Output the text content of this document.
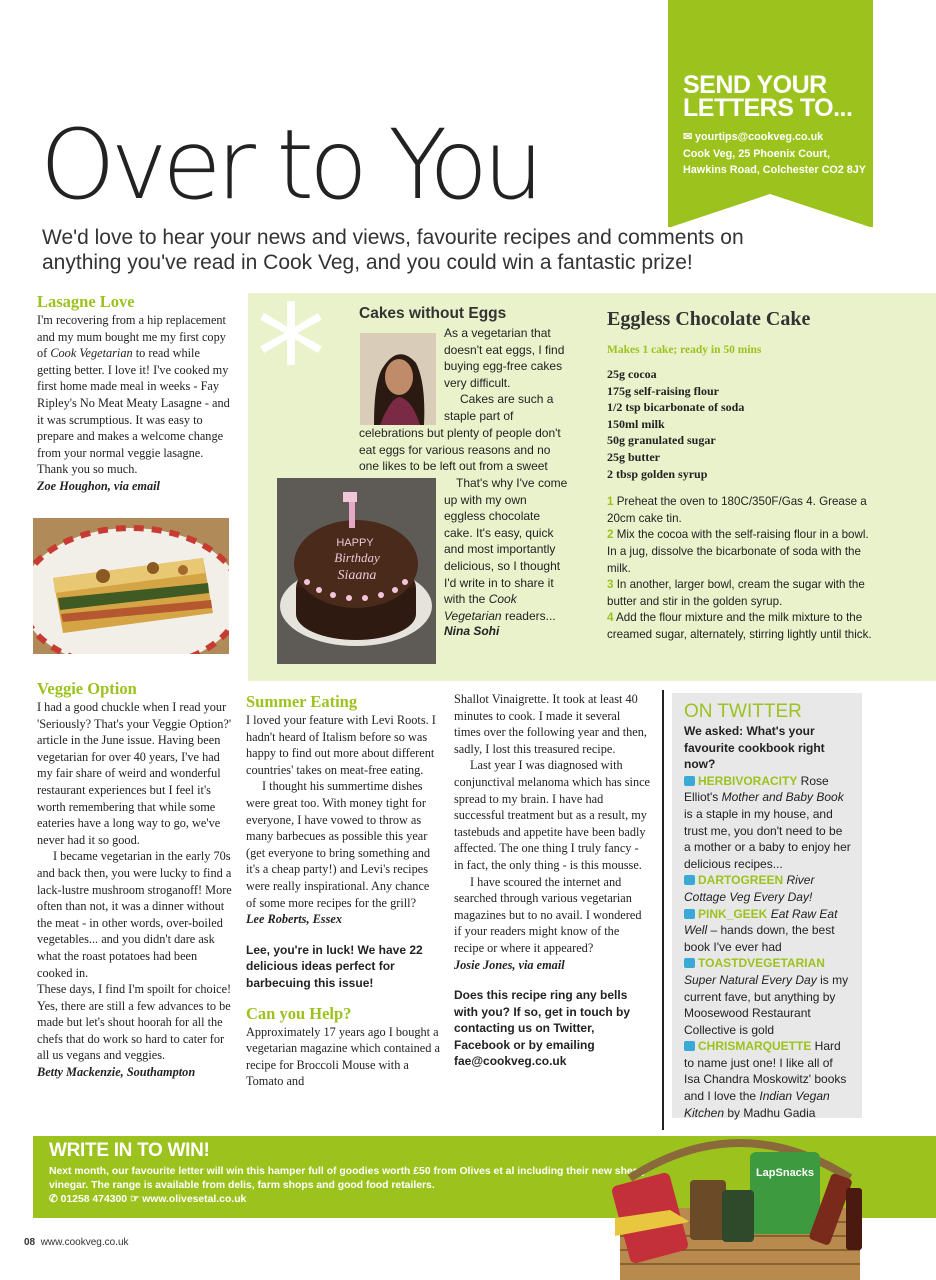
SEND YOUR LETTERS TO...
✉ yourtips@cookveg.co.uk
Cook Veg, 25 Phoenix Court,
Hawkins Road, Colchester CO2 8JY
Over to You
We'd love to hear your news and views, favourite recipes and comments on anything you've read in Cook Veg, and you could win a fantastic prize!
*
Lasagne Love

I'm recovering from a hip replacement and my mum bought me my first copy of Cook Vegetarian to read while getting better. I love it! I've cooked my first home made meal in weeks - Fay Ripley's No Meat Meaty Lasagne - and it was scrumptious. It was easy to prepare and makes a welcome change from your normal veggie lasagne. Thank you so much.

Zoe Houghon, via email

Cakes without Eggs
As a vegetarian that doesn't eat eggs, I find buying egg-free cakes very difficult.
Cakes are such a staple part of
celebrations but plenty of people don't eat eggs for various reasons and no one likes to be left out from a sweet
HAPPY
Birthday
Siaana
That's why I've come up with my own eggless chocolate cake. It's easy, quick and most importantly delicious, so I thought I'd write in to share it with the Cook Vegetarian readers...
Nina Sohi
Eggless Chocolate Cake
Makes 1 cake; ready in 50 mins
25g cocoa
175g self-raising flour
1/2 tsp bicarbonate of soda
150ml milk
50g granulated sugar
25g butter
2 tbsp golden syrup
1 Preheat the oven to 180C/350F/Gas 4. Grease a 20cm cake tin.
2 Mix the cocoa with the self-raising flour in a bowl. In a jug, dissolve the bicarbonate of soda with the milk.
3 In another, larger bowl, cream the sugar with the butter and stir in the golden syrup.
4 Add the flour mixture and the milk mixture to the creamed sugar, alternately, stirring lightly until thick.
Veggie Option

I had a good chuckle when I read your 'Seriously? That's your Veggie Option?' article in the June issue. Having been vegetarian for over 40 years, I've had my fair share of weird and wonderful restaurant experiences but I feel it's worth remembering that while some eateries have a long way to go, we've never had it so good.

I became vegetarian in the early 70s and back then, you were lucky to find a lack-lustre mushroom stroganoff! More often than not, it was a dinner without the meat - in other words, over-boiled vegetables... and you didn't dare ask what the roast potatoes had been cooked in.

These days, I find I'm spoilt for choice! Yes, there are still a few advances to be made but let's shout hoorah for all the chefs that do work so hard to cater for all us vegans and veggies.

Betty Mackenzie, Southampton

Summer Eating

I loved your feature with Levi Roots. I hadn't heard of Italism before so was happy to find out more about different countries' takes on meat-free eating.

I thought his summertime dishes were great too. With money tight for everyone, I have vowed to throw as many barbecues as possible this year (get everyone to bring something and it's a cheap party!) and Levi's recipes were really inspirational. Any chance of some more recipes for the grill?

Lee Roberts, Essex

Lee, you're in luck! We have 22 delicious ideas perfect for barbecuing this issue!

Can you Help?

Approximately 17 years ago I bought a vegetarian magazine which contained a recipe for Broccoli Mouse with a Tomato and

Shallot Vinaigrette. It took at least 40 minutes to cook. I made it several times over the following year and then, sadly, I lost this treasured recipe.

Last year I was diagnosed with conjunctival melanoma which has since spread to my brain. I have had successful treatment but as a result, my tastebuds and appetite have been badly affected. The one thing I truly fancy - in fact, the only thing - is this mousse.

I have scoured the internet and searched through various vegetarian magazines but to no avail. I wondered if your readers might know of the recipe or where it appeared?

Josie Jones, via email

Does this recipe ring any bells with you? If so, get in touch by contacting us on Twitter, Facebook or by emailing fae@cookveg.co.uk

ON TWITTER
We asked: What's your favourite cookbook right now?
HERBIVORACITY Rose Elliot's Mother and Baby Book is a staple in my house, and trust me, you don't need to be a mother or a baby to enjoy her delicious recipes...
DARTOGREEN River Cottage Veg Every Day!
PINK_GEEK Eat Raw Eat Well – hands down, the best book I've ever had
TOASTDVEGETARIAN Super Natural Every Day is my current fave, but anything by Moosewood Restaurant Collective is gold
CHRISMARQUETTE Hard to name just one! I like all of Isa Chandra Moskowitz' books and I love the Indian Vegan Kitchen by Madhu Gadia
WRITE IN TO WIN!
Next month, our favourite letter will win this hamper full of goodies worth £50 from Olives et al including their new sherry vinegar. The range is available from delis, farm shops and good food retailers.
✆ 01258 474300 ☞ www.olivesetal.co.uk
LapSnacks
08 www.cookveg.co.uk
